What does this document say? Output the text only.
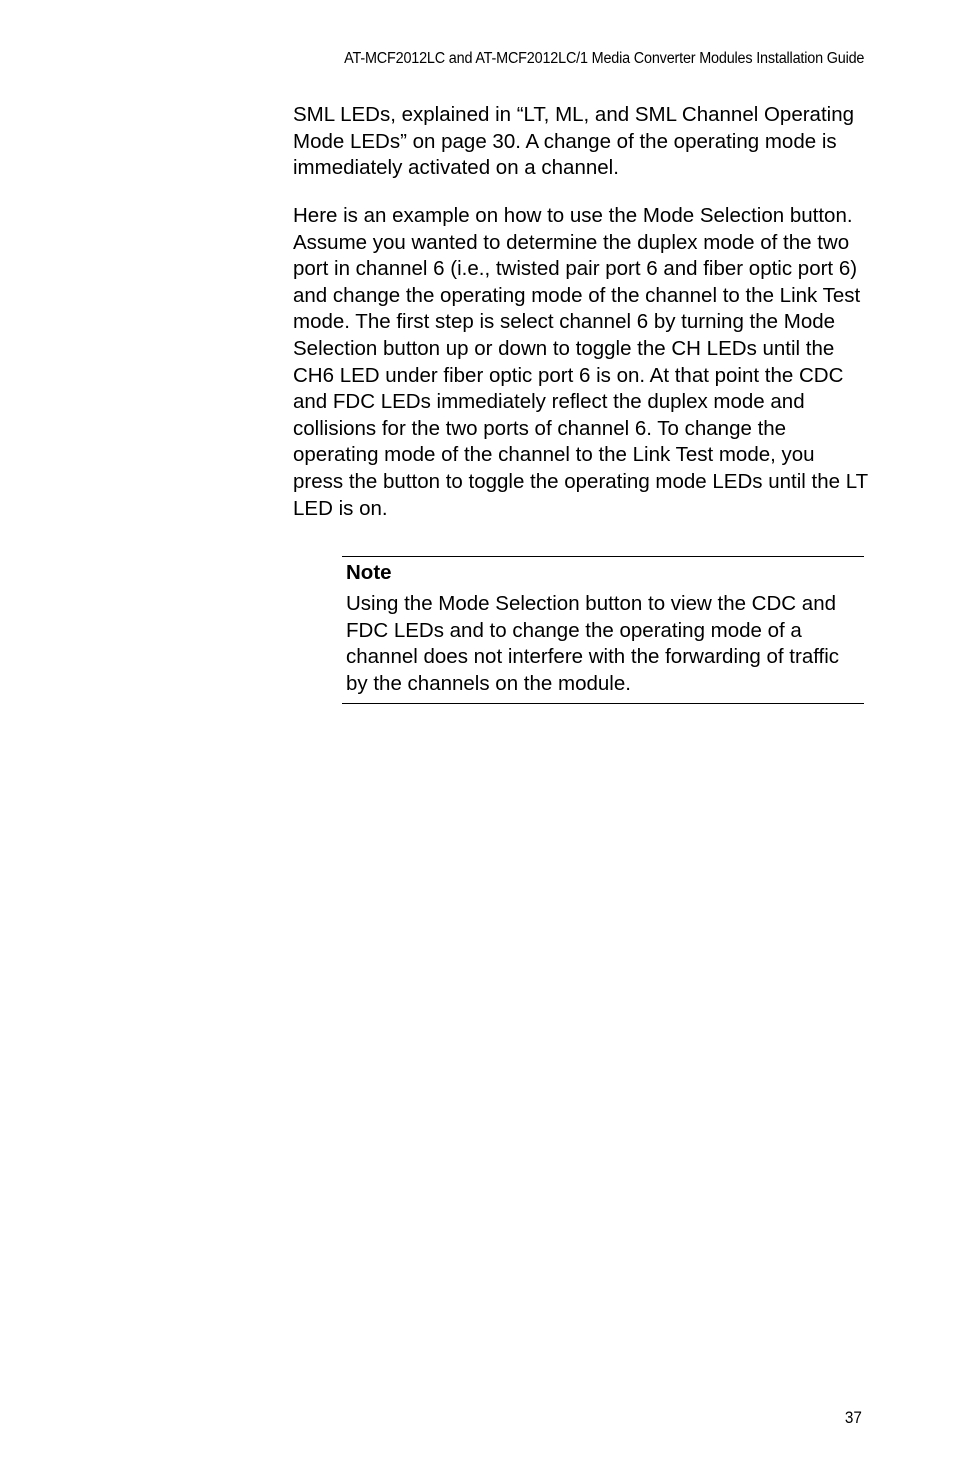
AT-MCF2012LC and AT-MCF2012LC/1 Media Converter Modules Installation Guide

SML LEDs, explained in “LT, ML, and SML Channel Operating Mode LEDs” on page 30. A change of the operating mode is immediately activated on a channel.

Here is an example on how to use the Mode Selection button. Assume you wanted to determine the duplex mode of the two port in channel 6 (i.e., twisted pair port 6 and fiber optic port 6) and change the operating mode of the channel to the Link Test mode. The first step is select channel 6 by turning the Mode Selection button up or down to toggle the CH LEDs until the CH6 LED under fiber optic port 6 is on. At that point the CDC and FDC LEDs immediately reflect the duplex mode and collisions for the two ports of channel 6. To change the operating mode of the channel to the Link Test mode, you press the button to toggle the operating mode LEDs until the LT LED is on.

Note

Using the Mode Selection button to view the CDC and FDC LEDs and to change the operating mode of a channel does not interfere with the forwarding of traffic by the channels on the module.

37
